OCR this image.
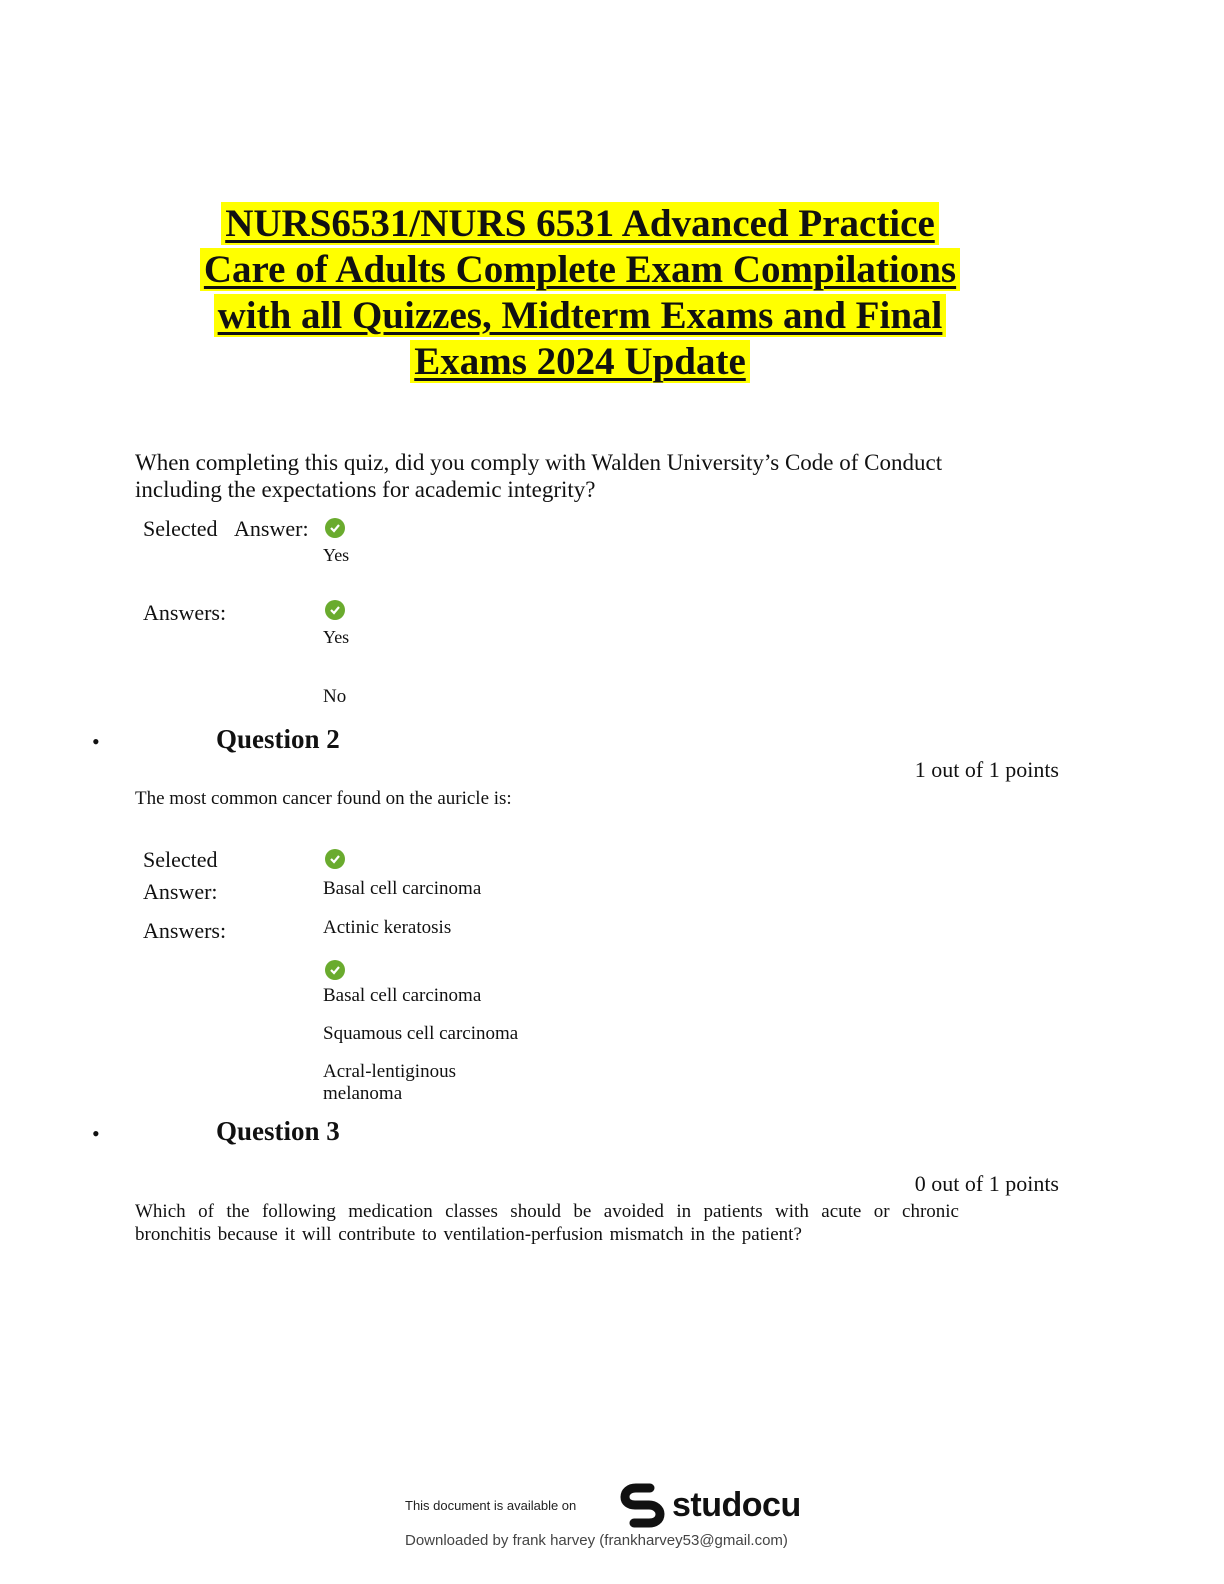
NURS6531/NURS 6531 Advanced Practice
Care of Adults Complete Exam Compilations
with all Quizzes, Midterm Exams and Final
Exams 2024 Update
When completing this quiz, did you comply with Walden University’s Code of Conduct including the expectations for academic integrity?
Selected Answer:
Yes
Answers:
Yes
No
•	Question 2
1 out of 1 points
The most common cancer found on the auricle is:
Selected
Answer:	Basal cell carcinoma
Answers:	Actinic keratosis
Basal cell carcinoma
Squamous cell carcinoma
Acral-lentiginous melanoma
•	Question 3
0 out of 1 points
Which of the following medication classes should be avoided in patients with acute or chronic bronchitis because it will contribute to ventilation-perfusion mismatch in the patient?
This document is available on	studocu
Downloaded by frank harvey (frankharvey53@gmail.com)
